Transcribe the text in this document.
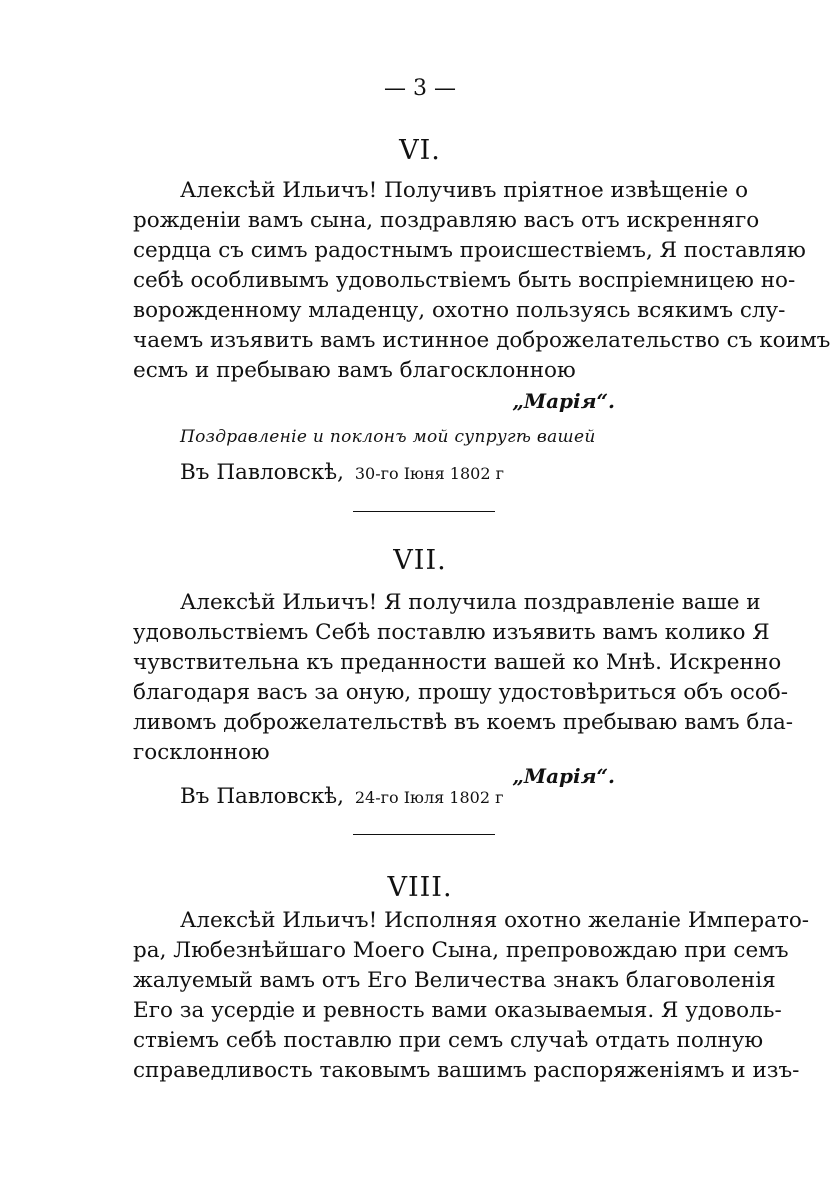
— 3 —
VI.
Алексѣй Ильичъ! Получивъ пріятное извѣщеніе о
рожденіи вамъ сына, поздравляю васъ отъ искренняго
сердца съ симъ радостнымъ происшествіемъ, Я поставляю
себѣ особливымъ удовольствіемъ быть воспріемницею но-
ворожденному младенцу, охотно пользуясь всякимъ слу-
чаемъ изъявить вамъ истинное доброжелательство съ коимъ
есмъ и пребываю вамъ благосклонною
„Марія“.
Поздравленіе и поклонъ мой супругѣ вашей
Въ Павловскѣ, 30-го Іюня 1802 г
VII.
Алексѣй Ильичъ! Я получила поздравленіе ваше и
удовольствіемъ Себѣ поставлю изъявить вамъ колико Я
чувствительна къ преданности вашей ко Мнѣ. Искренно
благодаря васъ за оную, прошу удостовѣриться объ особ-
ливомъ доброжелательствѣ въ коемъ пребываю вамъ бла-
госклонною
„Марія“.
Въ Павловскѣ, 24-го Іюля 1802 г
VIII.
Алексѣй Ильичъ! Исполняя охотно желаніе Императо-
ра, Любезнѣйшаго Моего Сына, препровождаю при семъ
жалуемый вамъ отъ Его Величества знакъ благоволенія
Его за усердіе и ревность вами оказываемыя. Я удоволь-
ствіемъ себѣ поставлю при семъ случаѣ отдать полную
справедливость таковымъ вашимъ распоряженіямъ и изъ-
